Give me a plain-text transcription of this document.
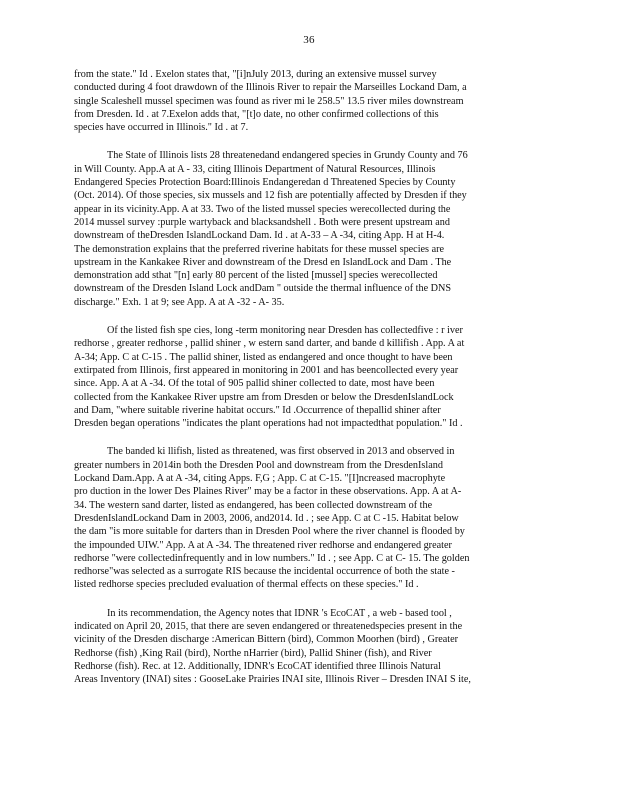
36
from the state." Id . Exelon states that, "[i]nJuly 2013, during an extensive mussel survey
conducted during 4 foot drawdown of the Illinois River to repair the Marseilles Lockand Dam, a
single Scaleshell mussel specimen was found as river mi le 258.5" 13.5 river miles downstream
from Dresden. Id . at 7.Exelon adds that, "[t]o date, no other confirmed collections of this
species have occurred in Illinois." Id . at 7.
The State of Illinois lists 28 threatenedand endangered species in Grundy County and 76
in Will County. App.A at A - 33, citing Illinois Department of Natural Resources, Illinois
Endangered Species Protection Board:Illinois Endangeredan d Threatened Species by County
(Oct. 2014). Of those species, six mussels and 12 fish are potentially affected by Dresden if they
appear in its vicinity.App. A at 33. Two of the listed mussel species werecollected during the
2014 mussel survey :purple wartyback and blacksandshell . Both were present upstream and
downstream of theDresden IslandLockand Dam. Id . at A-33 – A -34, citing App. H at H-4.
The demonstration explains that the preferred riverine habitats for these mussel species are
upstream in the Kankakee River and downstream of the Dresd en IslandLock and Dam . The
demonstration add sthat "[n] early 80 percent of the listed [mussel] species werecollected
downstream of the Dresden Island Lock andDam " outside the thermal influence of the DNS
discharge." Exh. 1 at 9; see App. A at A -32 - A- 35.
Of the listed fish spe cies, long -term monitoring near Dresden has collectedfive : r iver
redhorse , greater redhorse , pallid shiner , w estern sand darter, and bande d killifish . App. A at
A-34; App. C at C-15 . The pallid shiner, listed as endangered and once thought to have been
extirpated from Illinois, first appeared in monitoring in 2001 and has beencollected every year
since. App. A at A -34. Of the total of 905 pallid shiner collected to date, most have been
collected from the Kankakee River upstre am from Dresden or below the DresdenIslandLock
and Dam, "where suitable riverine habitat occurs." Id .Occurrence of thepallid shiner after
Dresden began operations "indicates the plant operations had not impactedthat population." Id .
The banded ki llifish, listed as threatened, was first observed in 2013 and observed in
greater numbers in 2014in both the Dresden Pool and downstream from the DresdenIsland
Lockand Dam.App. A at A -34, citing Apps. F,G ; App. C at C-15. "[I]ncreased macrophyte
pro duction in the lower Des Plaines River" may be a factor in these observations. App. A at A-
34. The western sand darter, listed as endangered, has been collected downstream of the
DresdenIslandLockand Dam in 2003, 2006, and2014. Id . ; see App. C at C -15. Habitat below
the dam "is more suitable for darters than in Dresden Pool where the river channel is flooded by
the impounded UIW." App. A at A -34. The threatened river redhorse and endangered greater
redhorse "were collectedinfrequently and in low numbers." Id . ; see App. C at C- 15. The golden
redhorse"was selected as a surrogate RIS because the incidental occurrence of both the state -
listed redhorse species precluded evaluation of thermal effects on these species." Id .
In its recommendation, the Agency notes that IDNR 's EcoCAT , a web - based tool ,
indicated on April 20, 2015, that there are seven endangered or threatenedspecies present in the
vicinity of the Dresden discharge :American Bittern (bird), Common Moorhen (bird) , Greater
Redhorse (fish) ,King Rail (bird), Northe nHarrier (bird), Pallid Shiner (fish), and River
Redhorse (fish). Rec. at 12. Additionally, IDNR's EcoCAT identified three Illinois Natural
Areas Inventory (INAI) sites : GooseLake Prairies INAI site, Illinois River – Dresden INAI S ite,
